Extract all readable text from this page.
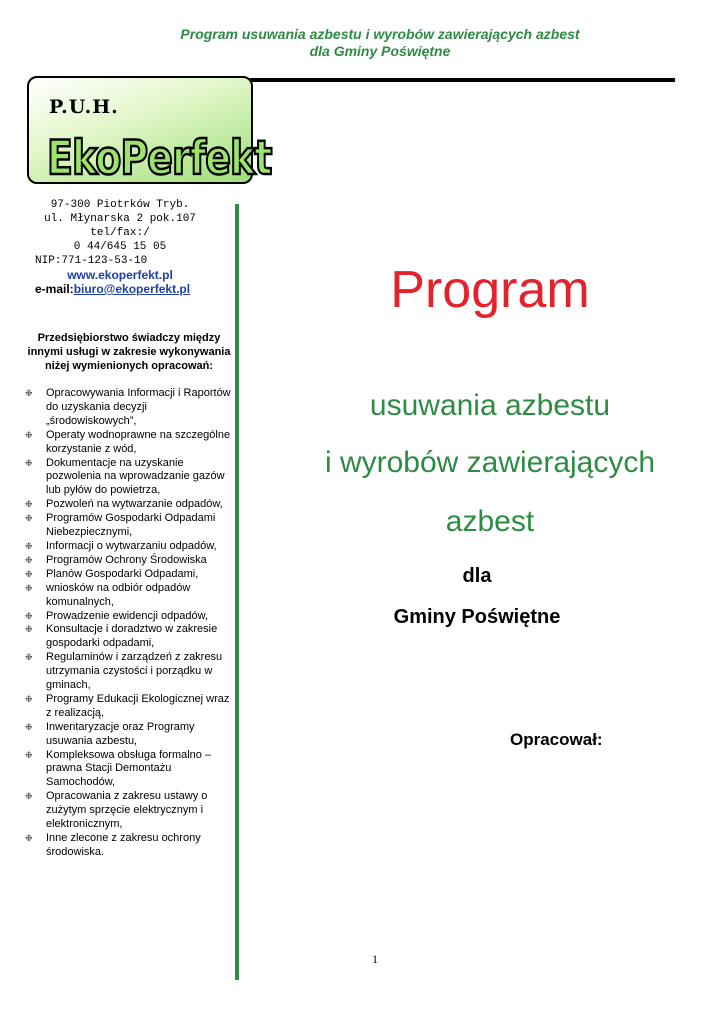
Program usuwania azbestu i wyrobów zawierających azbest
dla Gminy Poświętne
P.U.H.
EkoPerfekt
97-300 Piotrków Tryb.
ul. Młynarska 2 pok.107
tel/fax:/
0 44/645 15 05
NIP:771-123-53-10
www.ekoperfekt.pl
e-mail:biuro@ekoperfekt.pl
Przedsiębiorstwo świadczy między innymi usługi w zakresie wykonywania niżej wymienionych opracowań:
❉ Opracowywania Informacji i Raportów do uzyskania decyzji „środowiskowych”,
❉ Operaty wodnoprawne na szczególne korzystanie z wód,
❉ Dokumentacje na uzyskanie pozwolenia na wprowadzanie gazów lub pyłów do powietrza,
❉ Pozwoleń na wytwarzanie odpadów,
❉ Programów Gospodarki Odpadami Niebezpiecznymi,
❉ Informacji o wytwarzaniu odpadów,
❉ Programów Ochrony Środowiska
❉ Planów Gospodarki Odpadami,
❉ wniosków na odbiór odpadów komunalnych,
❉ Prowadzenie ewidencji odpadów,
❉ Konsultacje i doradztwo w zakresie gospodarki odpadami,
❉ Regulaminów i zarządzeń z zakresu utrzymania czystości i porządku w gminach,
❉ Programy Edukacji Ekologicznej wraz z realizacją,
❉ Inwentaryzacje oraz Programy usuwania azbestu,
❉ Kompleksowa obsługa formalno – prawna Stacji Demontażu Samochodów,
❉ Opracowania z zakresu ustawy o zużytym sprzęcie elektrycznym i elektronicznym,
❉ Inne zlecone z zakresu ochrony środowiska.
Program
usuwania azbestu
i wyrobów zawierających
azbest
dla
Gminy Poświętne
Opracował:
1
